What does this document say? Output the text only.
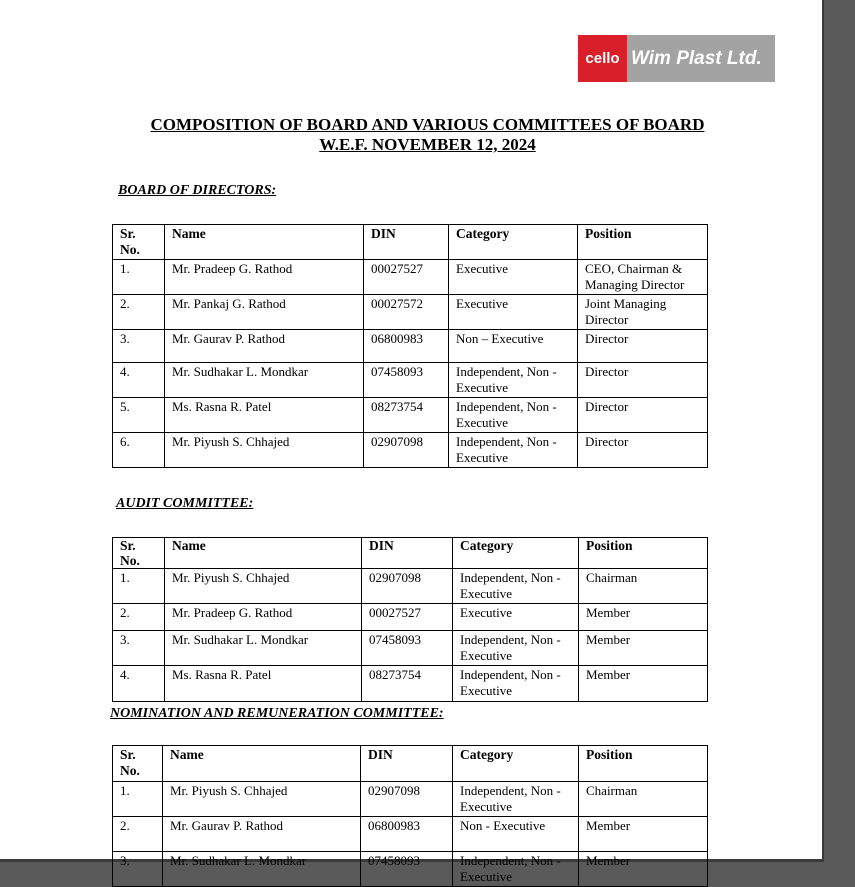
cello Wim Plast Ltd.
COMPOSITION OF BOARD AND VARIOUS COMMITTEES OF BOARD
W.E.F. NOVEMBER 12, 2024
BOARD OF DIRECTORS:
Sr. No.	Name	DIN	Category	Position
1.	Mr. Pradeep G. Rathod	00027527	Executive	CEO, Chairman & Managing Director
2.	Mr. Pankaj G. Rathod	00027572	Executive	Joint Managing Director
3.	Mr. Gaurav P. Rathod	06800983	Non – Executive	Director
4.	Mr. Sudhakar L. Mondkar	07458093	Independent, Non - Executive	Director
5.	Ms. Rasna R. Patel	08273754	Independent, Non - Executive	Director
6.	Mr. Piyush S. Chhajed	02907098	Independent, Non - Executive	Director
AUDIT COMMITTEE:
Sr. No.	Name	DIN	Category	Position
1.	Mr. Piyush S. Chhajed	02907098	Independent, Non - Executive	Chairman
2.	Mr. Pradeep G. Rathod	00027527	Executive	Member
3.	Mr. Sudhakar L. Mondkar	07458093	Independent, Non - Executive	Member
4.	Ms. Rasna R. Patel	08273754	Independent, Non - Executive	Member
NOMINATION AND REMUNERATION COMMITTEE:
Sr. No.	Name	DIN	Category	Position
1.	Mr. Piyush S. Chhajed	02907098	Independent, Non - Executive	Chairman
2.	Mr. Gaurav P. Rathod	06800983	Non - Executive	Member
3.	Mr. Sudhakar L. Mondkar	07458093	Independent, Non - Executive	Member
